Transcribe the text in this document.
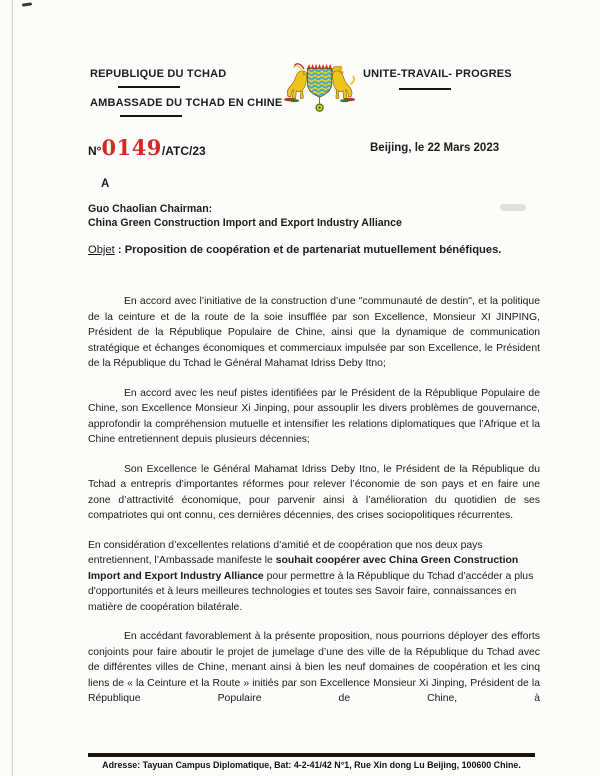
REPUBLIQUE DU TCHAD
AMBASSADE DU TCHAD EN CHINE
UNITE-TRAVAIL- PROGRES
N°0149/ATC/23	Beijing, le 22 Mars 2023
A
Guo Chaolian Chairman:
China Green Construction Import and Export Industry Alliance
Objet : Proposition de coopération et de partenariat mutuellement bénéfiques.

En accord avec l’initiative de la construction d’une "communauté de destin", et la politique de la ceinture et de la route de la soie insufflée par son Excellence, Monsieur XI JINPING, Président de la République Populaire de Chine, ainsi que la dynamique de communication stratégique et échanges économiques et commerciaux impulsée par son Excellence, le Président de la République du Tchad le Général Mahamat Idriss Deby Itno;

En accord avec les neuf pistes identifiées par le Président de la République Populaire de Chine, son Excellence Monsieur Xi Jinping, pour assouplir les divers problèmes de gouvernance, approfondir la compréhension mutuelle et intensifier les relations diplomatiques que l’Afrique et la Chine entretiennent depuis plusieurs décennies;

Son Excellence le Général Mahamat Idriss Deby Itno, le Président de la République du Tchad a entrepris d’importantes réformes pour relever l’économie de son pays et en faire une zone d’attractivité économique, pour parvenir ainsi à l’amélioration du quotidien de ses compatriotes qui ont connu, ces dernières décennies, des crises sociopolitiques récurrentes.

En considération d’excellentes relations d’amitié et de coopération que nos deux pays entretiennent, l’Ambassade manifeste le souhait coopérer avec China Green Construction Import and Export Industry Alliance pour permettre à la République du Tchad d’accéder a plus d'opportunités et à leurs meilleures technologies et toutes ses Savoir faire, connaissances en matière de coopération bilatérale.

En accédant favorablement à la présente proposition, nous pourrions déployer des efforts conjoints pour faire aboutir le projet de jumelage d’une des ville de la République du Tchad avec de différentes villes de Chine, menant ainsi à bien les neuf domaines de coopération et les cinq liens de « la Ceinture et la Route » initiés par son Excellence Monsieur Xi Jinping, Président de la République Populaire de Chine, à

Adresse: Tayuan Campus Diplomatique, Bat: 4-2-41/42 N°1, Rue Xin dong Lu Beijing, 100600 Chine.
